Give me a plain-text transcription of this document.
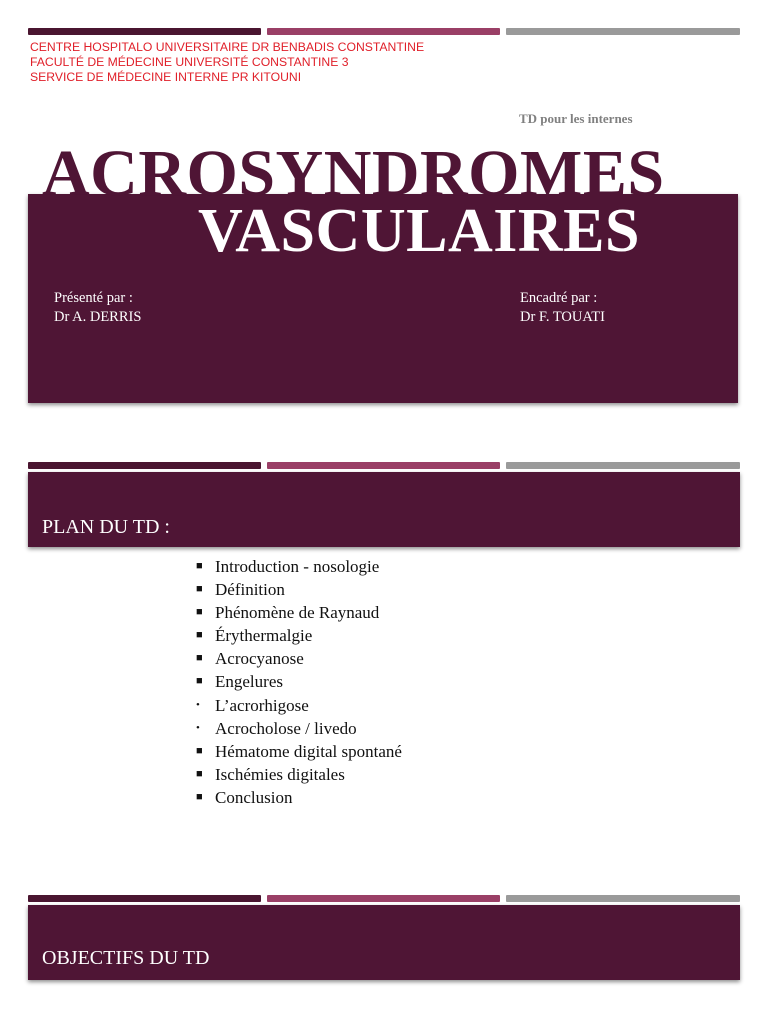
CENTRE HOSPITALO UNIVERSITAIRE DR BENBADIS CONSTANTINE
FACULTÉ DE MÉDECINE UNIVERSITÉ CONSTANTINE 3
SERVICE DE MÉDECINE INTERNE PR KITOUNI
TD pour les internes
ACROSYNDROMES
VASCULAIRES
Présenté par :
Dr A. DERRIS
Encadré par :
Dr F. TOUATI
PLAN DU TD :
■ Introduction - nosologie
■ Définition
■ Phénomène de Raynaud
■ Érythermalgie
■ Acrocyanose
■ Engelures
• L’acrorhigose
• Acrocholose / livedo
■ Hématome digital spontané
■ Ischémies digitales
■ Conclusion
OBJECTIFS DU TD
